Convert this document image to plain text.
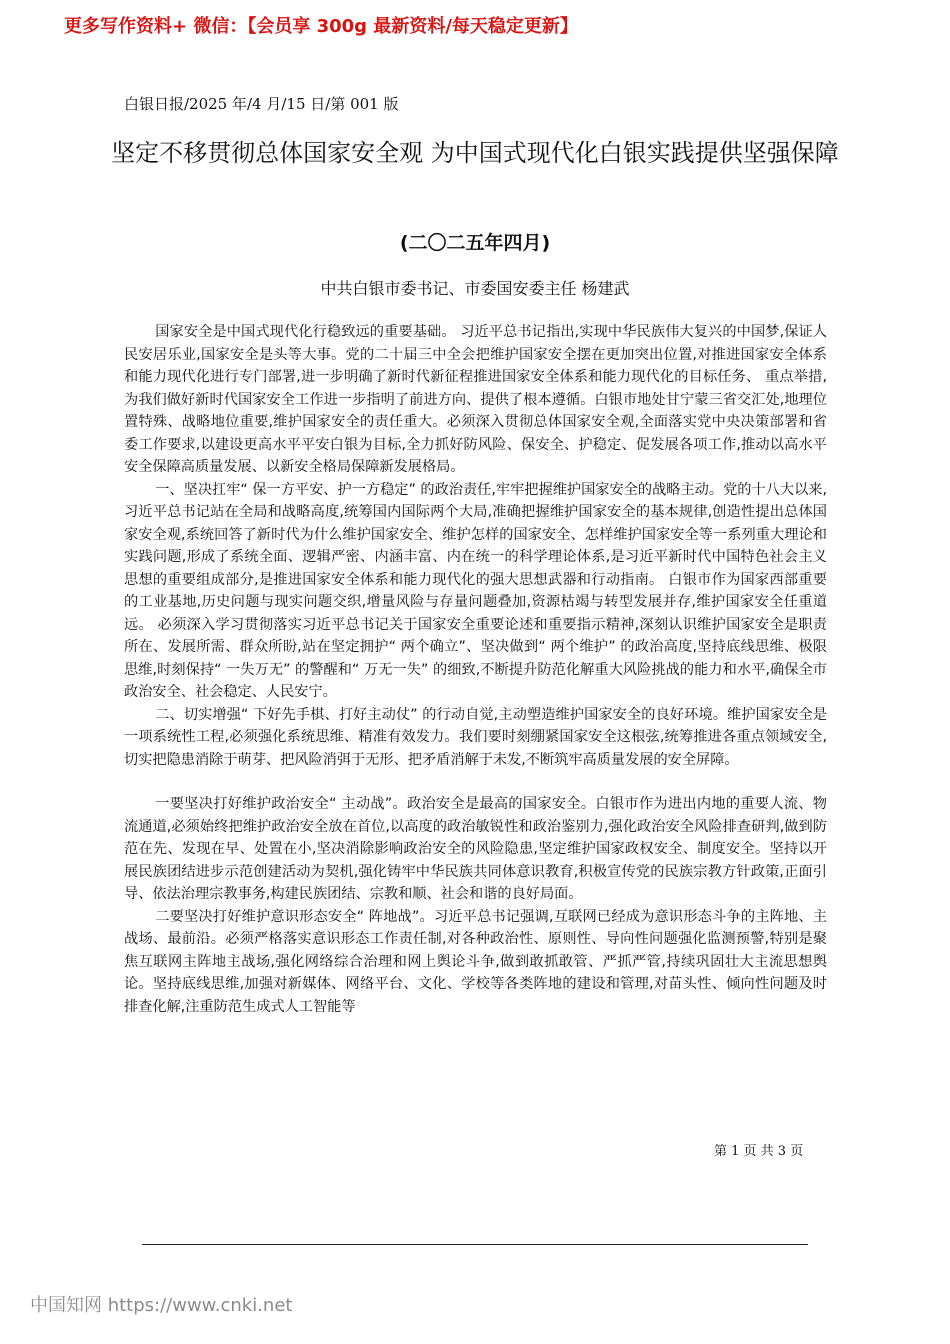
更多写作资料+ 微信：【会员享 300g 最新资料/每天稳定更新】
白银日报/2025 年/4 月/15 日/第 001 版
坚定不移贯彻总体国家安全观 为中国式现代化白银实践提供坚强保障
(二〇二五年四月)
中共白银市委书记、市委国安委主任 杨建武

国家安全是中国式现代化行稳致远的重要基础。 习近平总书记指出,实现中华民族伟大复兴的中国梦,保证人民安居乐业,国家安全是头等大事。党的二十届三中全会把维护国家安全摆在更加突出位置,对推进国家安全体系和能力现代化进行专门部署,进一步明确了新时代新征程推进国家安全体系和能力现代化的目标任务、 重点举措,为我们做好新时代国家安全工作进一步指明了前进方向、提供了根本遵循。白银市地处甘宁蒙三省交汇处,地理位置特殊、战略地位重要,维护国家安全的责任重大。必须深入贯彻总体国家安全观,全面落实党中央决策部署和省委工作要求,以建设更高水平平安白银为目标,全力抓好防风险、保安全、护稳定、促发展各项工作,推动以高水平安全保障高质量发展、以新安全格局保障新发展格局。

一、坚决扛牢“ 保一方平安、护一方稳定” 的政治责任,牢牢把握维护国家安全的战略主动。党的十八大以来,习近平总书记站在全局和战略高度,统筹国内国际两个大局,准确把握维护国家安全的基本规律,创造性提出总体国家安全观,系统回答了新时代为什么维护国家安全、维护怎样的国家安全、怎样维护国家安全等一系列重大理论和实践问题,形成了系统全面、逻辑严密、内涵丰富、内在统一的科学理论体系,是习近平新时代中国特色社会主义思想的重要组成部分,是推进国家安全体系和能力现代化的强大思想武器和行动指南。 白银市作为国家西部重要的工业基地,历史问题与现实问题交织,增量风险与存量问题叠加,资源枯竭与转型发展并存,维护国家安全任重道远。 必须深入学习贯彻落实习近平总书记关于国家安全重要论述和重要指示精神,深刻认识维护国家安全是职责所在、发展所需、群众所盼,站在坚定拥护“ 两个确立”、坚决做到“ 两个维护” 的政治高度,坚持底线思维、极限思维,时刻保持“ 一失万无” 的警醒和“ 万无一失” 的细致,不断提升防范化解重大风险挑战的能力和水平,确保全市政治安全、社会稳定、人民安宁。

二、切实增强“ 下好先手棋、打好主动仗” 的行动自觉,主动塑造维护国家安全的良好环境。维护国家安全是一项系统性工程,必须强化系统思维、精准有效发力。我们要时刻绷紧国家安全这根弦,统筹推进各重点领域安全,切实把隐患消除于萌芽、把风险消弭于无形、把矛盾消解于未发,不断筑牢高质量发展的安全屏障。

一要坚决打好维护政治安全“ 主动战”。政治安全是最高的国家安全。白银市作为进出内地的重要人流、物流通道,必须始终把维护政治安全放在首位,以高度的政治敏锐性和政治鉴别力,强化政治安全风险排查研判,做到防范在先、发现在早、处置在小,坚决消除影响政治安全的风险隐患,坚定维护国家政权安全、制度安全。坚持以开展民族团结进步示范创建活动为契机,强化铸牢中华民族共同体意识教育,积极宣传党的民族宗教方针政策,正面引导、依法治理宗教事务,构建民族团结、宗教和顺、社会和谐的良好局面。

二要坚决打好维护意识形态安全“ 阵地战”。习近平总书记强调,互联网已经成为意识形态斗争的主阵地、主战场、最前沿。必须严格落实意识形态工作责任制,对各种政治性、原则性、导向性问题强化监测预警,特别是聚焦互联网主阵地主战场,强化网络综合治理和网上舆论斗争,做到敢抓敢管、严抓严管,持续巩固壮大主流思想舆论。坚持底线思维,加强对新媒体、网络平台、文化、学校等各类阵地的建设和管理,对苗头性、倾向性问题及时排查化解,注重防范生成式人工智能等

第 1 页 共 3 页
中国知网 https://www.cnki.net
